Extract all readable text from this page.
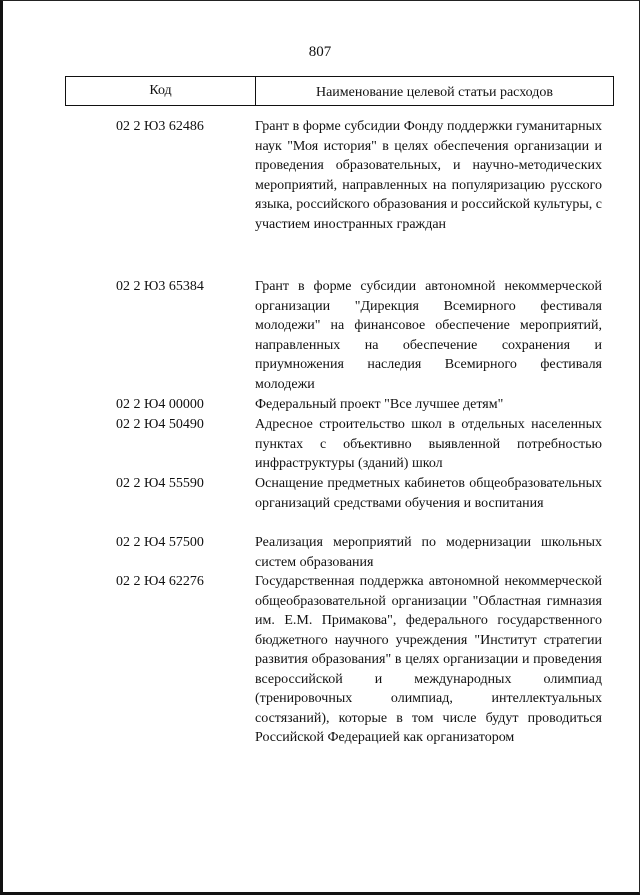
807
Код	Наименование целевой статьи расходов
02 2 Ю3 62486	Грант в форме субсидии Фонду поддержки гуманитарных наук "Моя история" в целях обеспечения организации и проведения образовательных, и научно-методических мероприятий, направленных на популяризацию русского языка, российского образования и российской культуры, с участием иностранных граждан
02 2 Ю3 65384	Грант в форме субсидии автономной некоммерческой организации "Дирекция Всемирного фестиваля молодежи" на финансовое обеспечение мероприятий, направленных на обеспечение сохранения и приумножения наследия Всемирного фестиваля молодежи
02 2 Ю4 00000	Федеральный проект "Все лучшее детям"
02 2 Ю4 50490	Адресное строительство школ в отдельных населенных пунктах с объективно выявленной потребностью инфраструктуры (зданий) школ
02 2 Ю4 55590	Оснащение предметных кабинетов общеобразовательных организаций средствами обучения и воспитания
02 2 Ю4 57500	Реализация мероприятий по модернизации школьных систем образования
02 2 Ю4 62276	Государственная поддержка автономной некоммерческой общеобразовательной организации "Областная гимназия им. Е.М. Примакова", федерального государственного бюджетного научного учреждения "Институт стратегии развития образования" в целях организации и проведения всероссийской и международных олимпиад (тренировочных олимпиад, интеллектуальных состязаний), которые в том числе будут проводиться Российской Федерацией как организатором
